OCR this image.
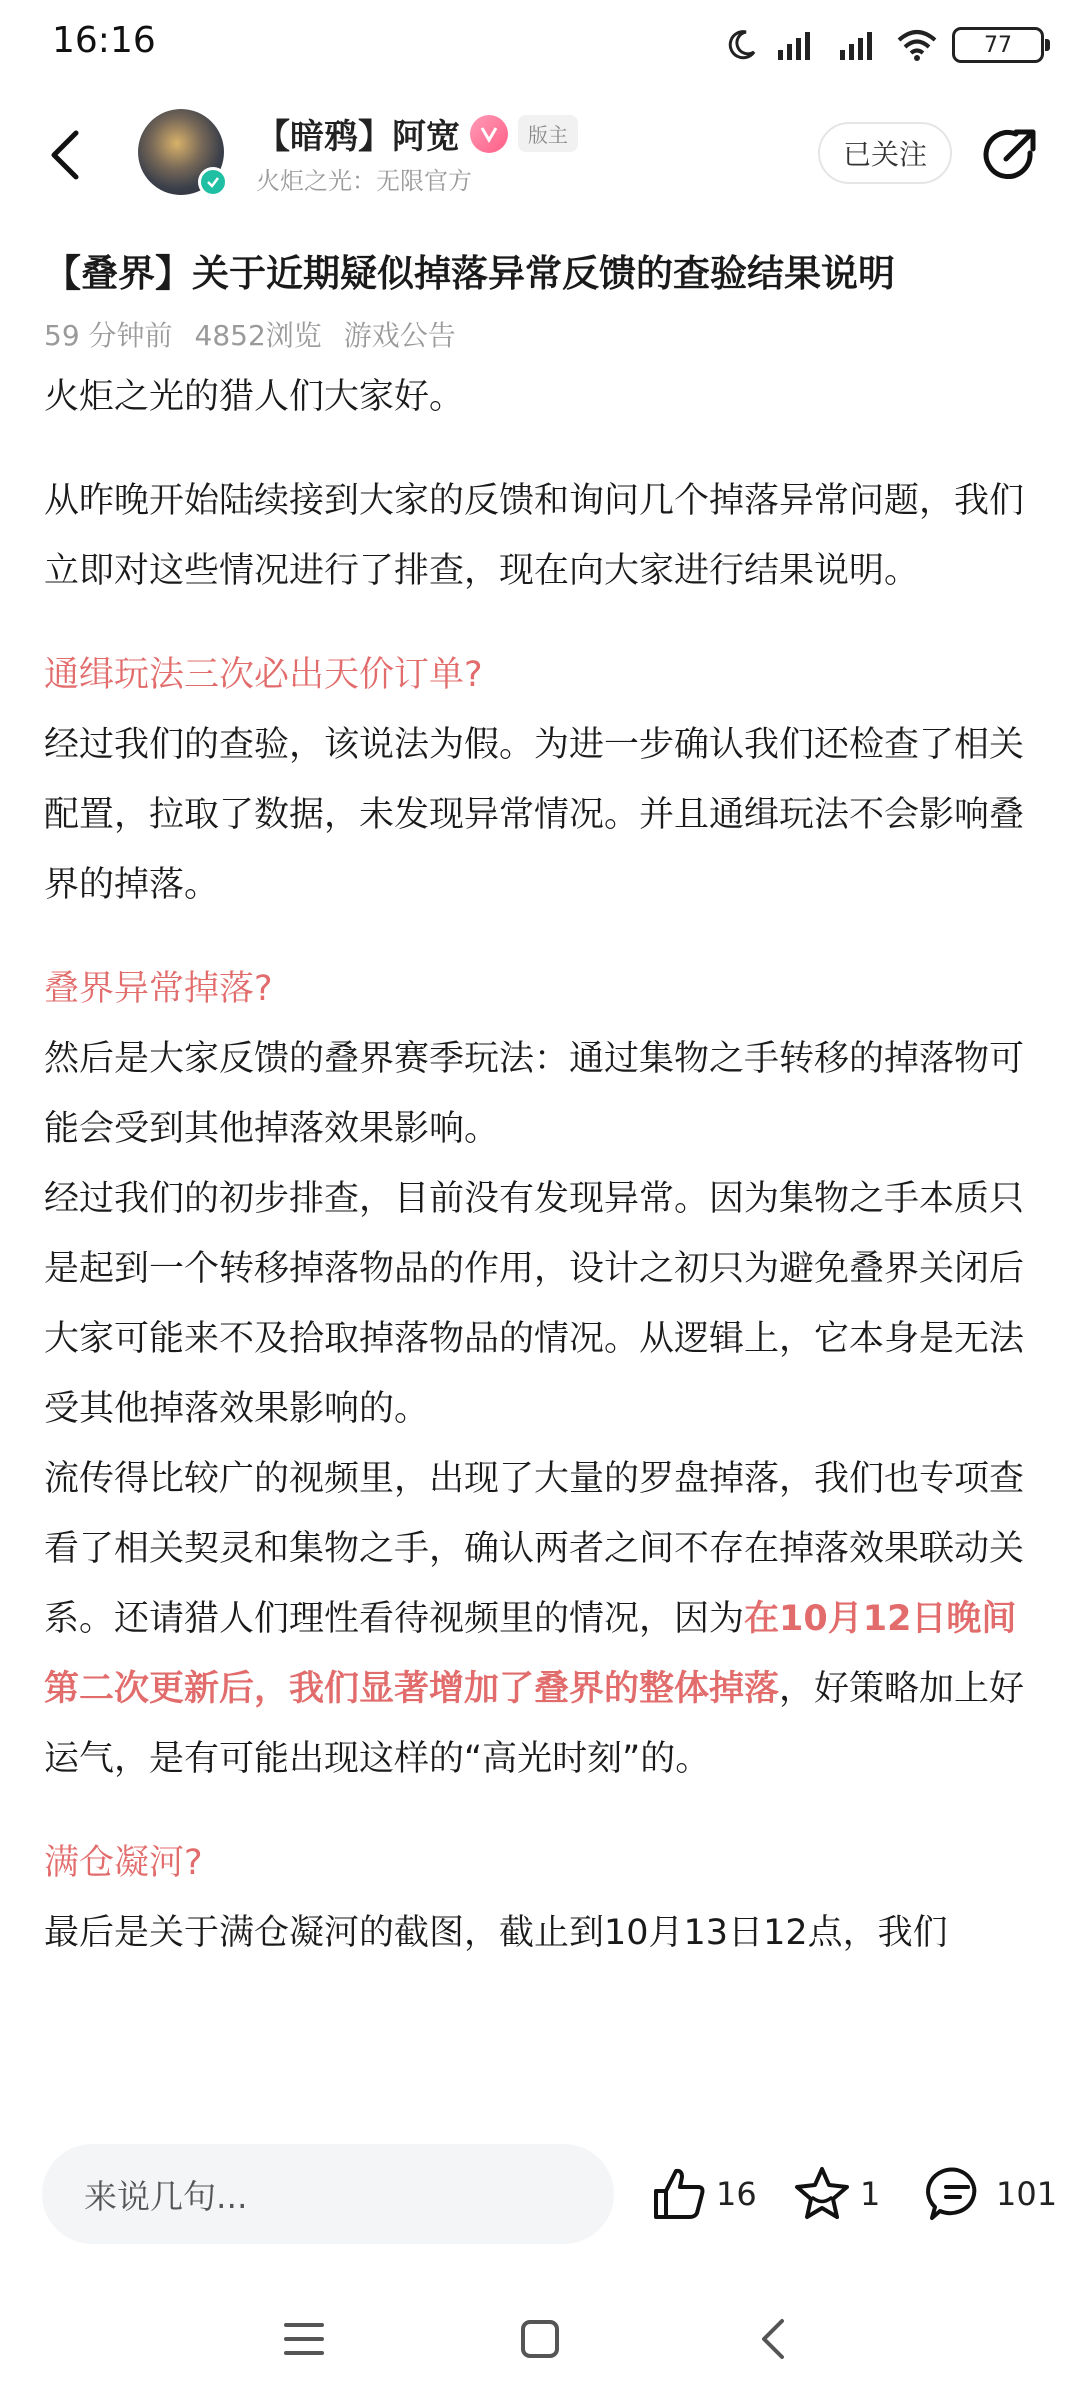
16:16	77
【暗鸦】阿宽	版主
火炬之光：无限官方
已关注
【叠界】关于近期疑似掉落异常反馈的查验结果说明
59 分钟前 4852浏览 游戏公告

火炬之光的猎人们大家好。

从昨晚开始陆续接到大家的反馈和询问几个掉落异常问题，我们立即对这些情况进行了排查，现在向大家进行结果说明。

通缉玩法三次必出天价订单?

经过我们的查验，该说法为假。为进一步确认我们还检查了相关配置，拉取了数据，未发现异常情况。并且通缉玩法不会影响叠界的掉落。

叠界异常掉落?

然后是大家反馈的叠界赛季玩法：通过集物之手转移的掉落物可能会受到其他掉落效果影响。

经过我们的初步排查，目前没有发现异常。因为集物之手本质只是起到一个转移掉落物品的作用，设计之初只为避免叠界关闭后大家可能来不及拾取掉落物品的情况。从逻辑上，它本身是无法受其他掉落效果影响的。

流传得比较广的视频里，出现了大量的罗盘掉落，我们也专项查看了相关契灵和集物之手，确认两者之间不存在掉落效果联动关系。还请猎人们理性看待视频里的情况，因为在10月12日晚间第二次更新后，我们显著增加了叠界的整体掉落，好策略加上好运气，是有可能出现这样的“高光时刻”的。

满仓凝河?

最后是关于满仓凝河的截图，截止到10月13日12点，我们

来说几句...	16	1	101
